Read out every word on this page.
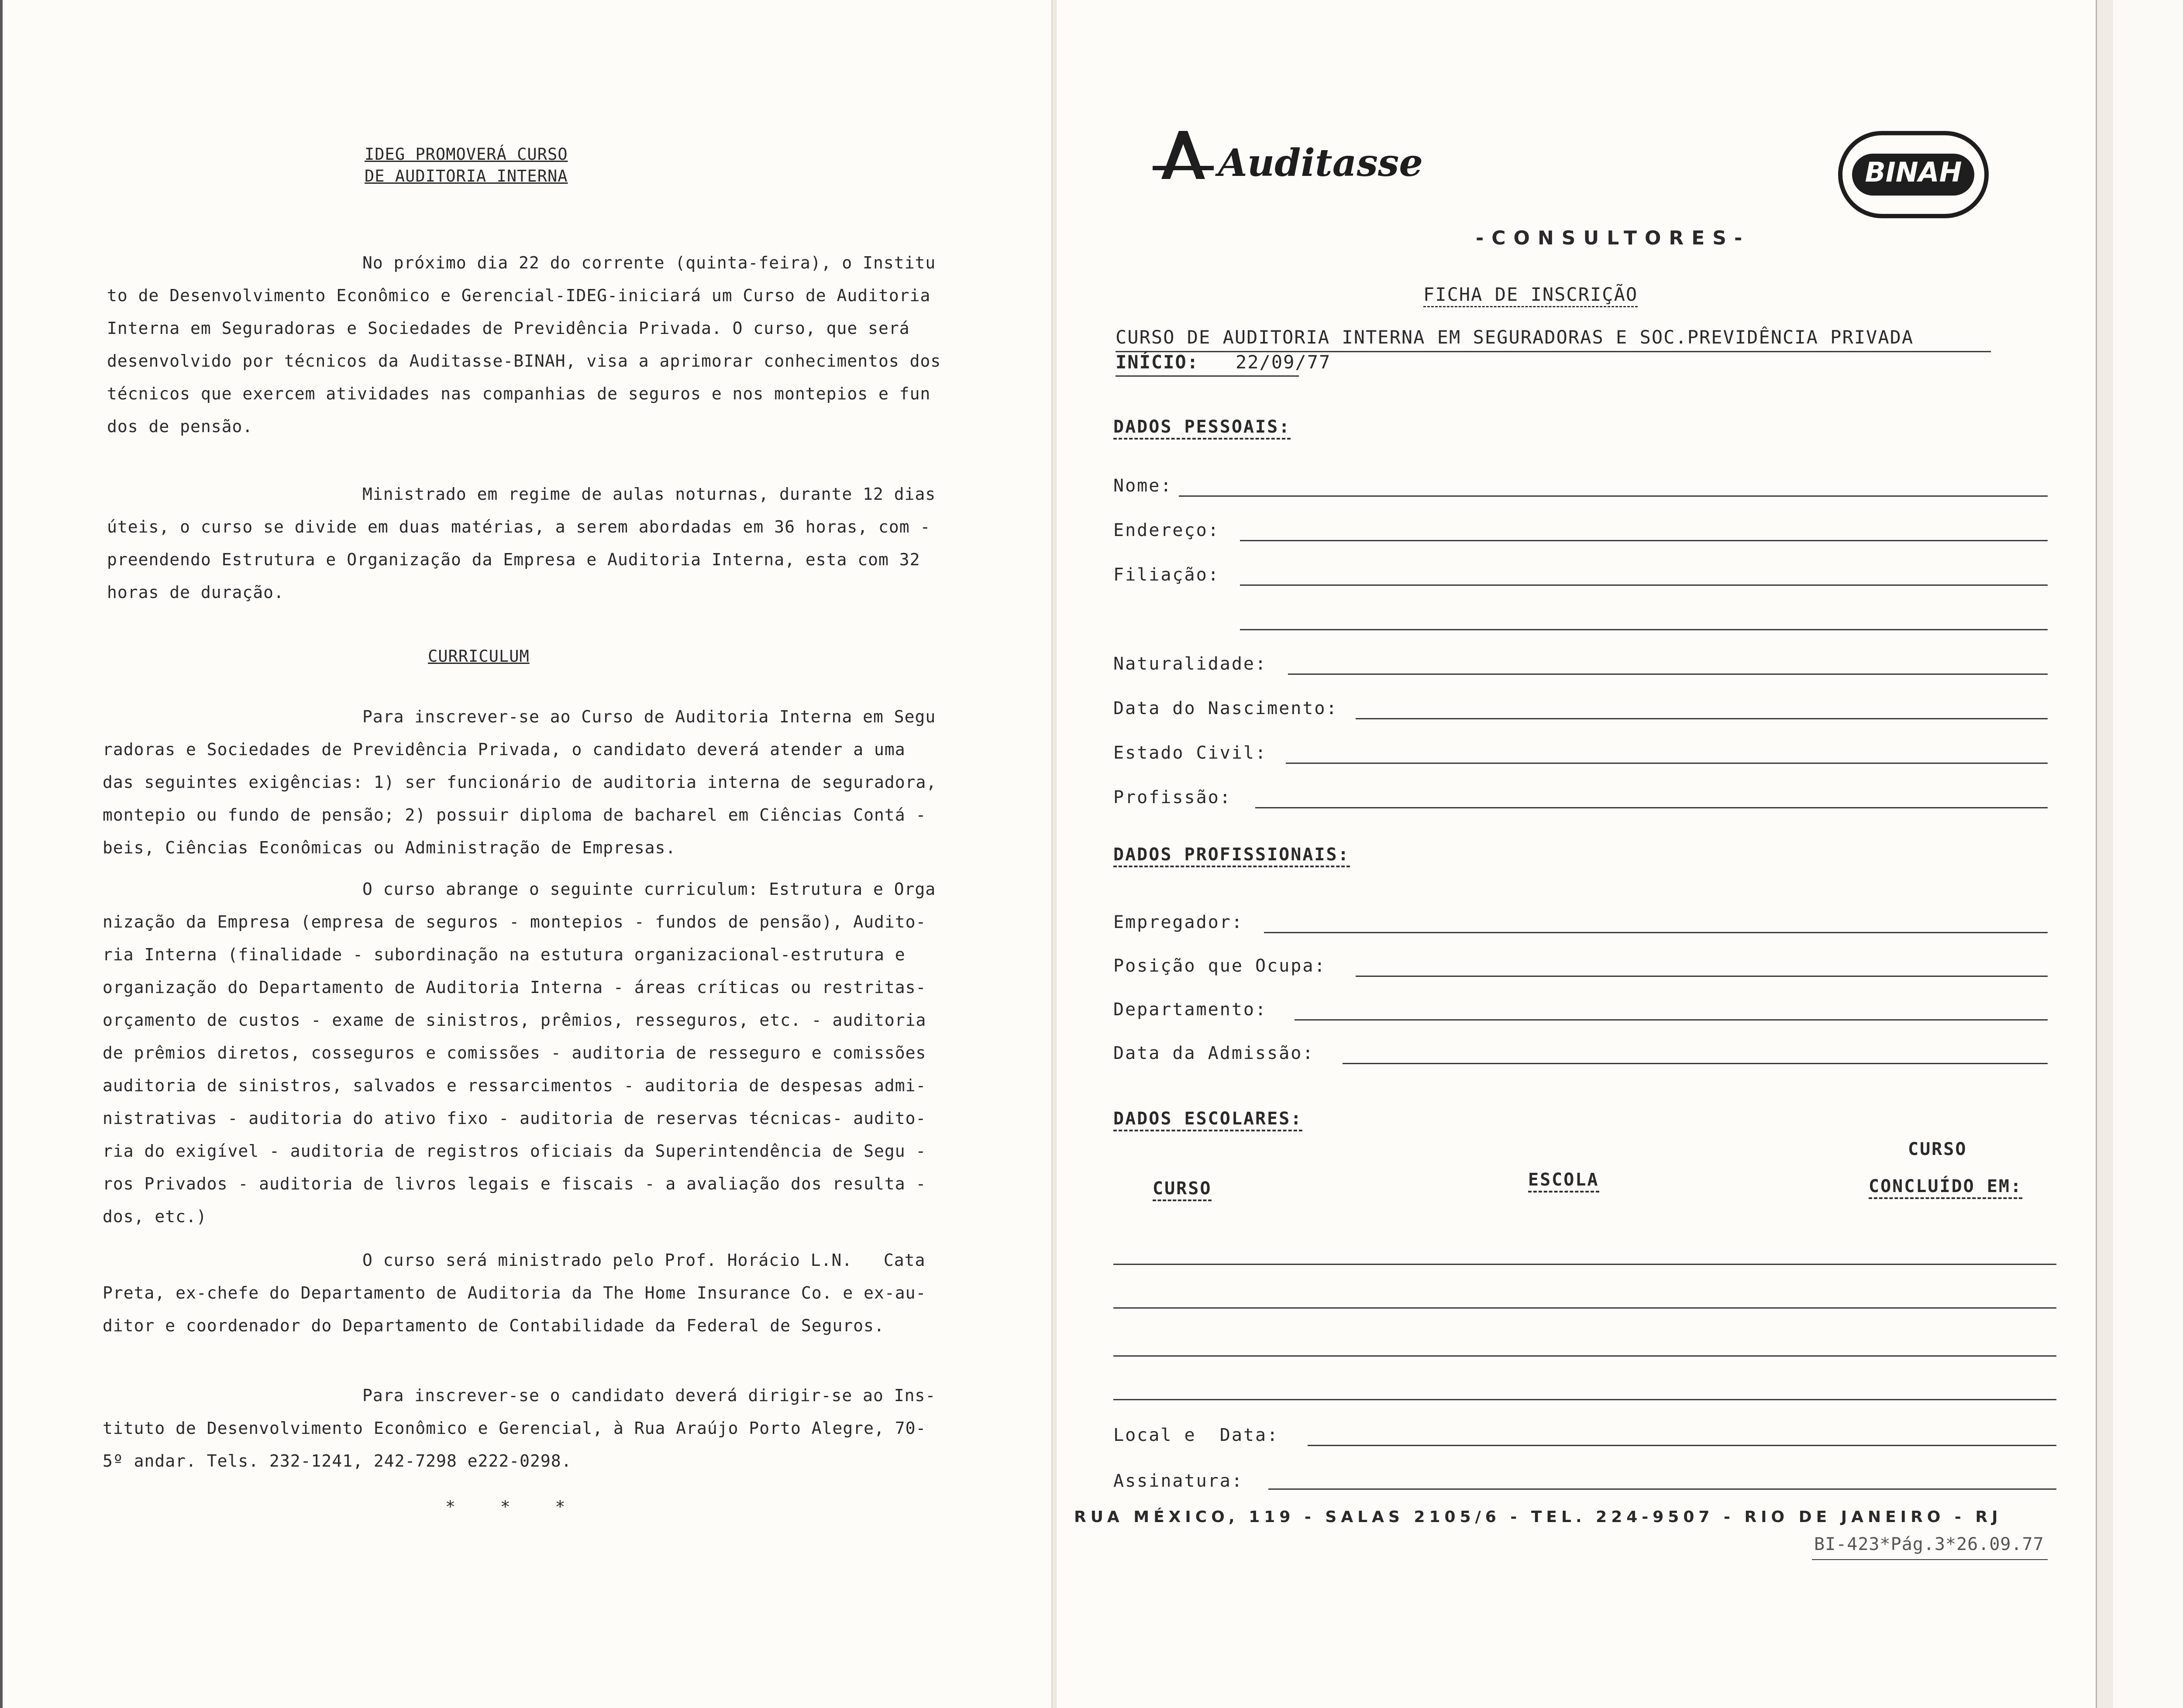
IDEG PROMOVERÁ CURSO
DE AUDITORIA INTERNA
No próximo dia 22 do corrente (quinta-feira), o Institu
to de Desenvolvimento Econômico e Gerencial-IDEG-iniciará um Curso de Auditoria
Interna em Seguradoras e Sociedades de Previdência Privada. O curso, que será
desenvolvido por técnicos da Auditasse-BINAH, visa a aprimorar conhecimentos dos
técnicos que exercem atividades nas companhias de seguros e nos montepios e fun
dos de pensão.
Ministrado em regime de aulas noturnas, durante 12 dias
úteis, o curso se divide em duas matérias, a serem abordadas em 36 horas, com -
preendendo Estrutura e Organização da Empresa e Auditoria Interna, esta com 32
horas de duração.
CURRICULUM
Para inscrever-se ao Curso de Auditoria Interna em Segu
radoras e Sociedades de Previdência Privada, o candidato deverá atender a uma
das seguintes exigências: 1) ser funcionário de auditoria interna de seguradora,
montepio ou fundo de pensão; 2) possuir diploma de bacharel em Ciências Contá -
beis, Ciências Econômicas ou Administração de Empresas.
O curso abrange o seguinte curriculum: Estrutura e Orga
nização da Empresa (empresa de seguros - montepios - fundos de pensão), Audito-
ria Interna (finalidade - subordinação na estutura organizacional-estrutura e
organização do Departamento de Auditoria Interna - áreas críticas ou restritas-
orçamento de custos - exame de sinistros, prêmios, resseguros, etc. - auditoria
de prêmios diretos, cosseguros e comissões - auditoria de resseguro e comissões
auditoria de sinistros, salvados e ressarcimentos - auditoria de despesas admi-
nistrativas - auditoria do ativo fixo - auditoria de reservas técnicas- audito-
ria do exigível - auditoria de registros oficiais da Superintendência de Segu -
ros Privados - auditoria de livros legais e fiscais - a avaliação dos resulta -
dos, etc.)
O curso será ministrado pelo Prof. Horácio L.N.   Cata
Preta, ex-chefe do Departamento de Auditoria da The Home Insurance Co. e ex-au-
ditor e coordenador do Departamento de Contabilidade da Federal de Seguros.
Para inscrever-se o candidato deverá dirigir-se ao Ins-
tituto de Desenvolvimento Econômico e Gerencial, à Rua Araújo Porto Alegre, 70-
5º andar. Tels. 232-1241, 242-7298 e222-0298.
* * *
Auditasse	BINAH
-CONSULTORES-
FICHA DE INSCRIÇÃO
CURSO DE AUDITORIA INTERNA EM SEGURADORAS E SOC.PREVIDÊNCIA PRIVADA
INÍCIO: 22/09/77
DADOS PESSOAIS:
Nome:
Endereço:
Filiação:
Naturalidade:
Data do Nascimento:
Estado Civil:
Profissão:
DADOS PROFISSIONAIS:
Empregador:
Posição que Ocupa:
Departamento:
Data da Admissão:
DADOS ESCOLARES:
CURSO	ESCOLA
CURSO
CONCLUÍDO EM:
Local e  Data:
Assinatura:
RUA MÉXICO, 119 - SALAS 2105/6 - TEL. 224-9507 - RIO DE JANEIRO - RJ
BI-423*Pág.3*26.09.77
